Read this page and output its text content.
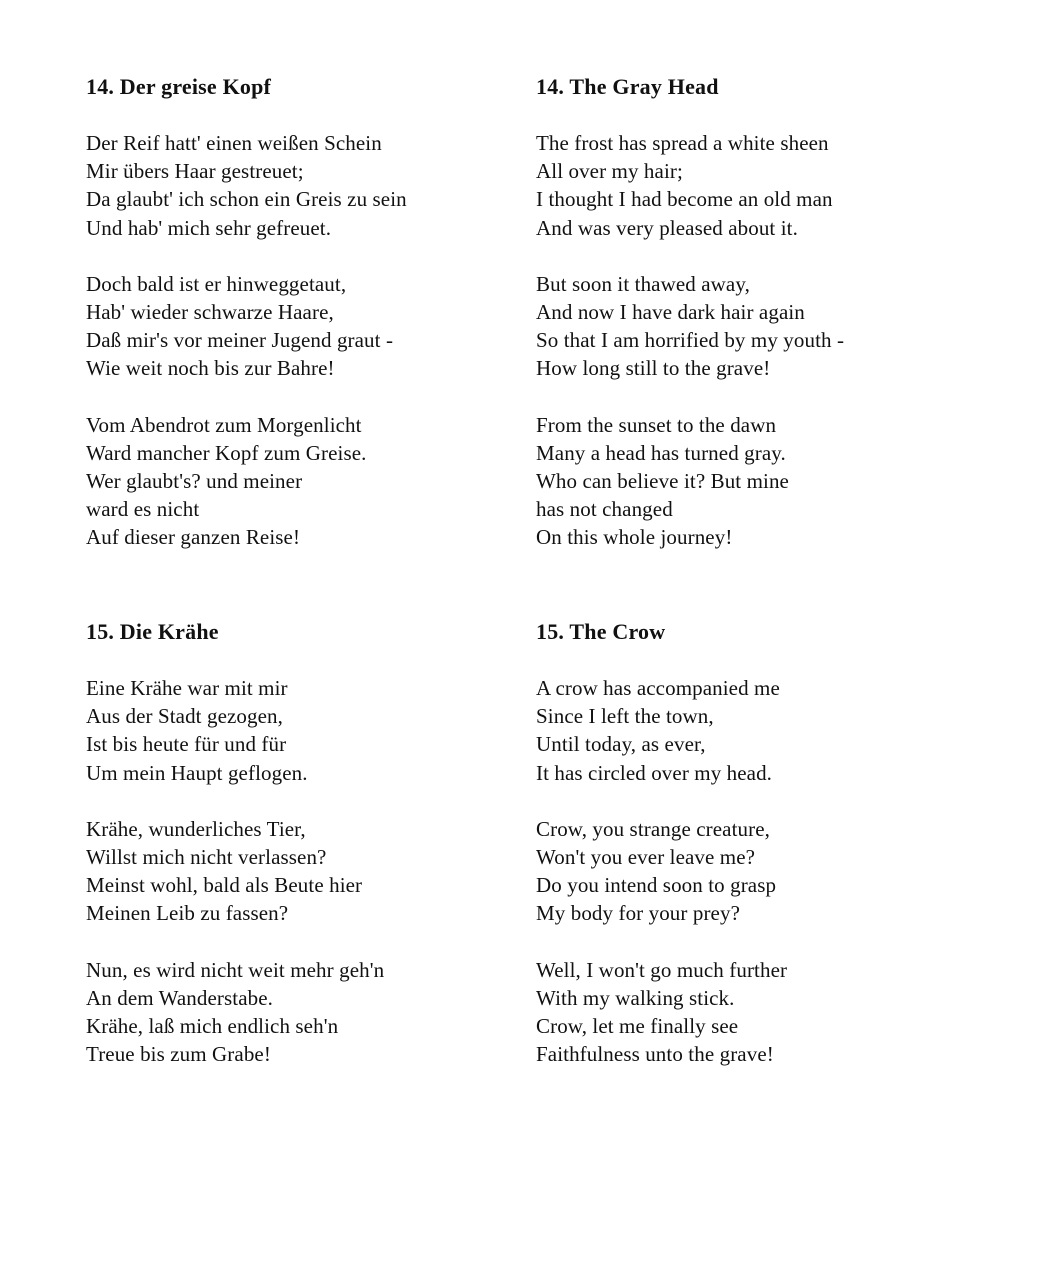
14. Der greise Kopf
Der Reif hatt' einen weißen Schein
Mir übers Haar gestreuet;
Da glaubt' ich schon ein Greis zu sein
Und hab' mich sehr gefreuet.
Doch bald ist er hinweggetaut,
Hab' wieder schwarze Haare,
Daß mir's vor meiner Jugend graut -
Wie weit noch bis zur Bahre!
Vom Abendrot zum Morgenlicht
Ward mancher Kopf zum Greise.
Wer glaubt's? und meiner
ward es nicht
Auf dieser ganzen Reise!
14. The Gray Head
The frost has spread a white sheen
All over my hair;
I thought I had become an old man
And was very pleased about it.
But soon it thawed away,
And now I have dark hair again
So that I am horrified by my youth -
How long still to the grave!
From the sunset to the dawn
Many a head has turned gray.
Who can believe it? But mine
has not changed
On this whole journey!
15. Die Krähe
Eine Krähe war mit mir
Aus der Stadt gezogen,
Ist bis heute für und für
Um mein Haupt geflogen.
Krähe, wunderliches Tier,
Willst mich nicht verlassen?
Meinst wohl, bald als Beute hier
Meinen Leib zu fassen?
Nun, es wird nicht weit mehr geh'n
An dem Wanderstabe.
Krähe, laß mich endlich seh'n
Treue bis zum Grabe!
15. The Crow
A crow has accompanied me
Since I left the town,
Until today, as ever,
It has circled over my head.
Crow, you strange creature,
Won't you ever leave me?
Do you intend soon to grasp
My body for your prey?
Well, I won't go much further
With my walking stick.
Crow, let me finally see
Faithfulness unto the grave!
